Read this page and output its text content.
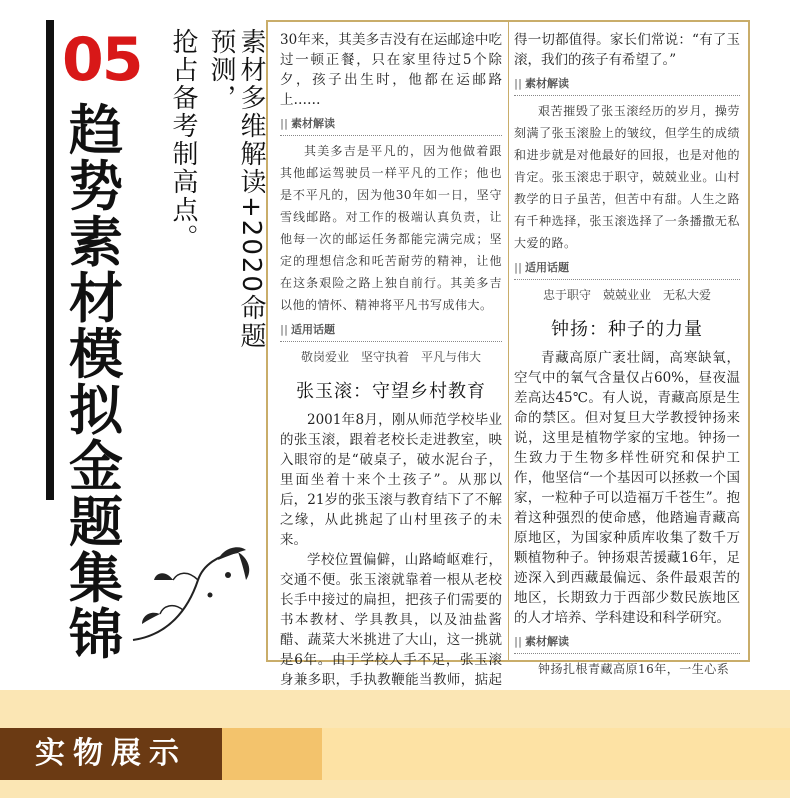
05
趋势素材 模拟金题集锦
抢占备考制高点。	素材多维解读+2020命题预测，	30年来，其美多吉没有在运邮途中吃过一顿正餐，只在家里待过5个除夕，孩子出生时，他都在运邮路上……

|| 素材解读

其美多吉是平凡的，因为他做着跟其他邮运驾驶员一样平凡的工作；他也是不平凡的，因为他30年如一日，坚守雪线邮路。对工作的极端认真负责，让他每一次的邮运任务都能完满完成；坚定的理想信念和吒苦耐劳的精神，让他在这条艰险之路上独自前行。其美多吉以他的情怀、精神将平凡书写成伟大。

|| 适用话题

敬岗爱业　坚守执着　平凡与伟大

张玉滚：守望乡村教育

2001年8月，刚从师范学校毕业的张玉滚，跟着老校长走进教室，映入眼帘的是“破桌子，破水泥台子，里面坐着十来个土孩子”。从那以后，21岁的张玉滚与教育结下了不解之缘，从此挑起了山村里孩子的未来。

学校位置偏僻，山路崎岖难行，交通不便。张玉滚就靠着一根从老校长手中接过的扁担，把孩子们需要的书本教材、学具教具，以及油盐酱醋、蔬菜大米挑进了大山，这一挑就是6年。由于学校人手不足，张玉滚身兼多职，手执教鞭能当教师，掂起

得一切都值得。家长们常说：“有了玉滚，我们的孩子有希望了。”

|| 素材解读

艰苦摧毁了张玉滚经历的岁月，操劳刻满了张玉滚脸上的皱纹，但学生的成绩和进步就是对他最好的回报，也是对他的肯定。张玉滚忠于职守，兢兢业业。山村教学的日子虽苦，但苦中有甜。人生之路有千种选择，张玉滚选择了一条播撒无私大爱的路。

|| 适用话题

忠于职守　兢兢业业　无私大爱

钟扬：种子的力量

青藏高原广袤壮阔，高寒缺氧，空气中的氧气含量仅占60%，昼夜温差高达45℃。有人说，青藏高原是生命的禁区。但对复旦大学教授钟扬来说，这里是植物学家的宝地。钟扬一生致力于生物多样性研究和保护工作，他坚信“一个基因可以拯救一个国家，一粒种子可以造福万千苍生”。抱着这种强烈的使命感，他踏遍青藏高原地区，为国家种质库收集了数千万颗植物种子。钟扬艰苦援藏16年，足迹深入到西藏最偏远、条件最艰苦的地区，长期致力于西部少数民族地区的人才培养、学科建设和科学研究。

|| 素材解读

钟扬扎根青藏高原16年，一生心系

实物展示
